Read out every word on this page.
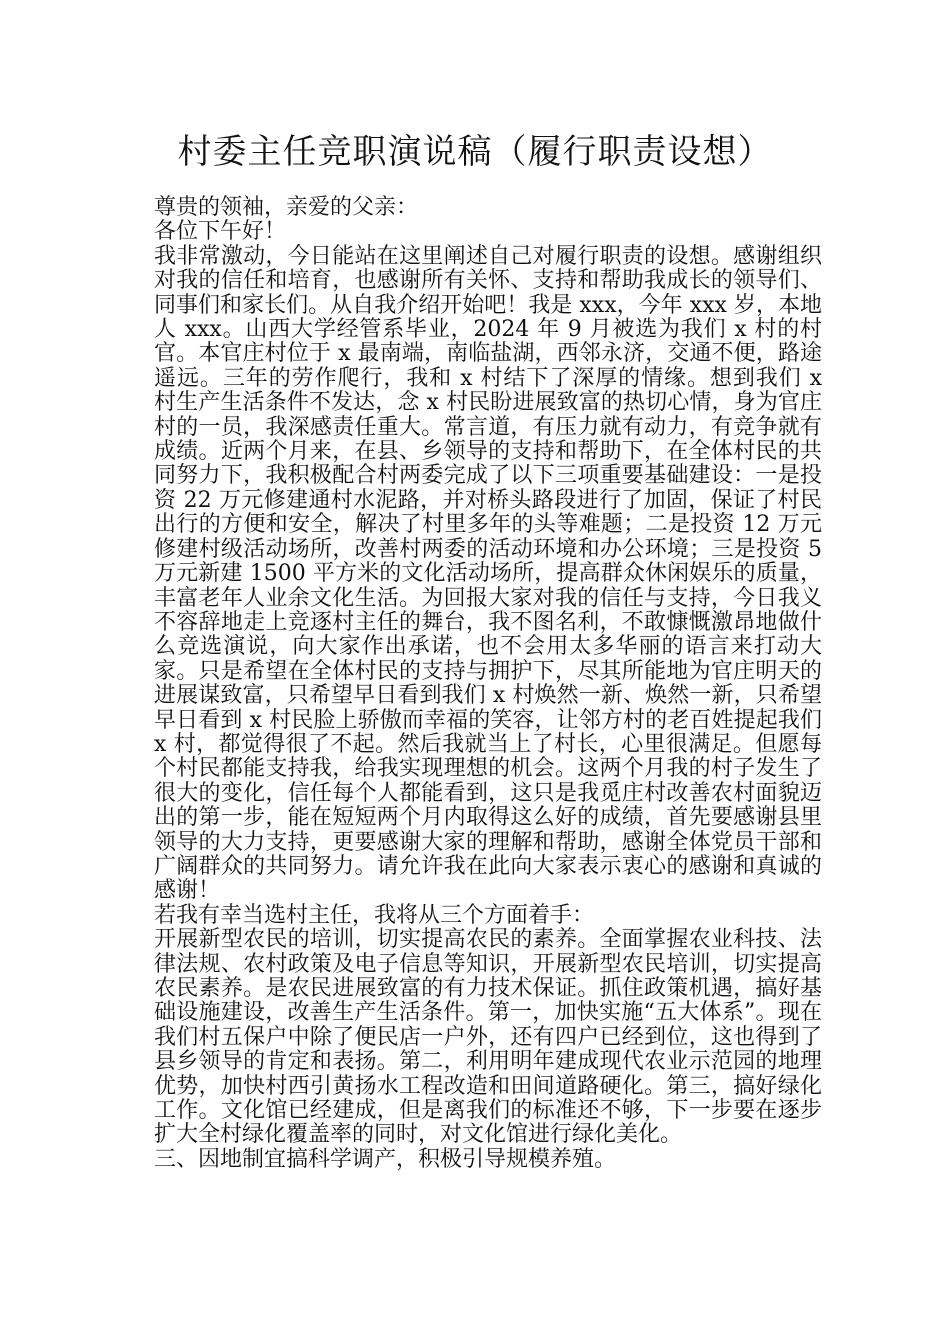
村委主任竞职演说稿（履行职责设想）

尊贵的领袖，亲爱的父亲：

各位下午好！

我非常激动，今日能站在这里阐述自己对履行职责的设想。感谢组织对我的信任和培育，也感谢所有关怀、支持和帮助我成长的领导们、同事们和家长们。从自我介绍开始吧！我是 xxx，今年 xxx 岁，本地人 xxx。山西大学经管系毕业，2024 年 9 月被选为我们 x 村的村官。本官庄村位于 x 最南端，南临盐湖，西邻永济，交通不便，路途遥远。三年的劳作爬行，我和 x 村结下了深厚的情缘。想到我们 x 村生产生活条件不发达，念 x 村民盼进展致富的热切心情，身为官庄村的一员，我深感责任重大。常言道，有压力就有动力，有竞争就有成绩。近两个月来，在县、乡领导的支持和帮助下，在全体村民的共同努力下，我积极配合村两委完成了以下三项重要基础建设：一是投资 22 万元修建通村水泥路，并对桥头路段进行了加固，保证了村民出行的方便和安全，解决了村里多年的头等难题；二是投资 12 万元修建村级活动场所，改善村两委的活动环境和办公环境；三是投资 5 万元新建 1500 平方米的文化活动场所，提高群众休闲娱乐的质量，丰富老年人业余文化生活。为回报大家对我的信任与支持，今日我义不容辞地走上竞逐村主任的舞台，我不图名利，不敢慷慨激昂地做什么竞选演说，向大家作出承诺，也不会用太多华丽的语言来打动大家。只是希望在全体村民的支持与拥护下，尽其所能地为官庄明天的进展谋致富，只希望早日看到我们 x 村焕然一新、焕然一新，只希望早日看到 x 村民脸上骄傲而幸福的笑容，让邻方村的老百姓提起我们 x 村，都觉得很了不起。然后我就当上了村长，心里很满足。但愿每个村民都能支持我，给我实现理想的机会。这两个月我的村子发生了很大的变化，信任每个人都能看到，这只是我觅庄村改善农村面貌迈出的第一步，能在短短两个月内取得这么好的成绩，首先要感谢县里领导的大力支持，更要感谢大家的理解和帮助，感谢全体党员干部和广阔群众的共同努力。请允许我在此向大家表示衷心的感谢和真诚的感谢！

若我有幸当选村主任，我将从三个方面着手：

开展新型农民的培训，切实提高农民的素养。全面掌握农业科技、法律法规、农村政策及电子信息等知识，开展新型农民培训，切实提高农民素养。是农民进展致富的有力技术保证。抓住政策机遇，搞好基础设施建设，改善生产生活条件。第一，加快实施“五大体系”。现在我们村五保户中除了便民店一户外，还有四户已经到位，这也得到了县乡领导的肯定和表扬。第二，利用明年建成现代农业示范园的地理优势，加快村西引黄扬水工程改造和田间道路硬化。第三，搞好绿化工作。文化馆已经建成，但是离我们的标准还不够，下一步要在逐步扩大全村绿化覆盖率的同时，对文化馆进行绿化美化。

三、因地制宜搞科学调产，积极引导规模养殖。
